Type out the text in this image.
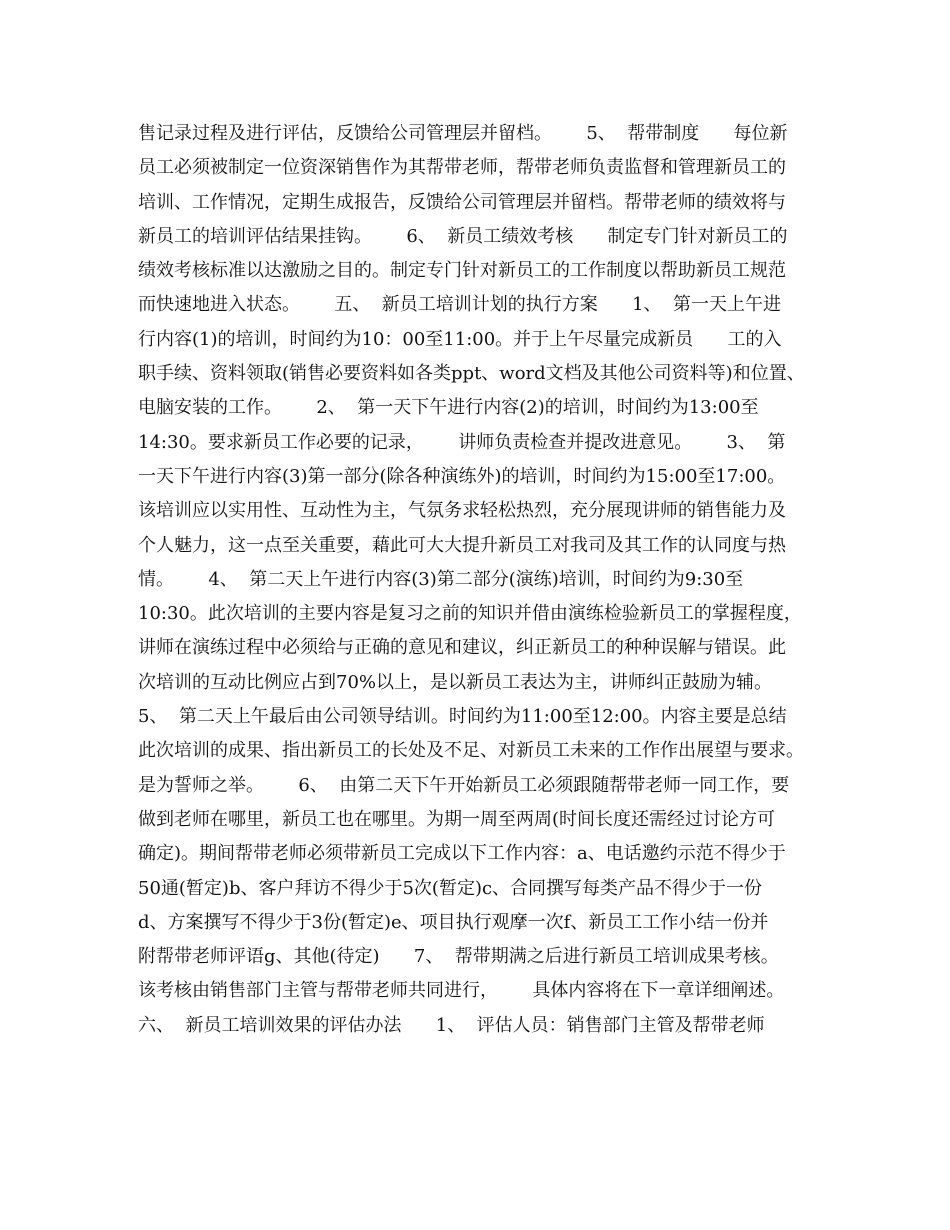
售记录过程及进行评估，反馈给公司管理层并留档。      5、  帮带制度      每位新
员工必须被制定一位资深销售作为其帮带老师，帮带老师负责监督和管理新员工的
培训、工作情况，定期生成报告，反馈给公司管理层并留档。帮带老师的绩效将与
新员工的培训评估结果挂钩。      6、  新员工绩效考核      制定专门针对新员工的
绩效考核标准以达激励之目的。制定专门针对新员工的工作制度以帮助新员工规范
而快速地进入状态。      五、  新员工培训计划的执行方案      1、  第一天上午进
行内容(1)的培训，时间约为10：00至11:00。并于上午尽量完成新员      工的入
职手续、资料领取(销售必要资料如各类ppt、word文档及其他公司资料等)和位置、
电脑安装的工作。      2、  第一天下午进行内容(2)的培训，时间约为13:00至
14:30。要求新员工作必要的记录，      讲师负责检查并提改进意见。      3、  第
一天下午进行内容(3)第一部分(除各种演练外)的培训，时间约为15:00至17:00。
该培训应以实用性、互动性为主，气氛务求轻松热烈，充分展现讲师的销售能力及
个人魅力，这一点至关重要，藉此可大大提升新员工对我司及其工作的认同度与热
情。      4、  第二天上午进行内容(3)第二部分(演练)培训，时间约为9:30至
10:30。此次培训的主要内容是复习之前的知识并借由演练检验新员工的掌握程度，
讲师在演练过程中必须给与正确的意见和建议，纠正新员工的种种误解与错误。此
次培训的互动比例应占到70%以上，是以新员工表达为主，讲师纠正鼓励为辅。
5、  第二天上午最后由公司领导结训。时间约为11:00至12:00。内容主要是总结
此次培训的成果、指出新员工的长处及不足、对新员工未来的工作作出展望与要求。
是为誓师之举。      6、  由第二天下午开始新员工必须跟随帮带老师一同工作，要
做到老师在哪里，新员工也在哪里。为期一周至两周(时间长度还需经过讨论方可
确定)。期间帮带老师必须带新员工完成以下工作内容：a、电话邀约示范不得少于
50通(暂定)b、客户拜访不得少于5次(暂定)c、合同撰写每类产品不得少于一份
d、方案撰写不得少于3份(暂定)e、项目执行观摩一次f、新员工工作小结一份并
附帮带老师评语g、其他(待定)      7、  帮带期满之后进行新员工培训成果考核。
该考核由销售部门主管与帮带老师共同进行，      具体内容将在下一章详细阐述。
六、  新员工培训效果的评估办法      1、  评估人员：销售部门主管及帮带老师
